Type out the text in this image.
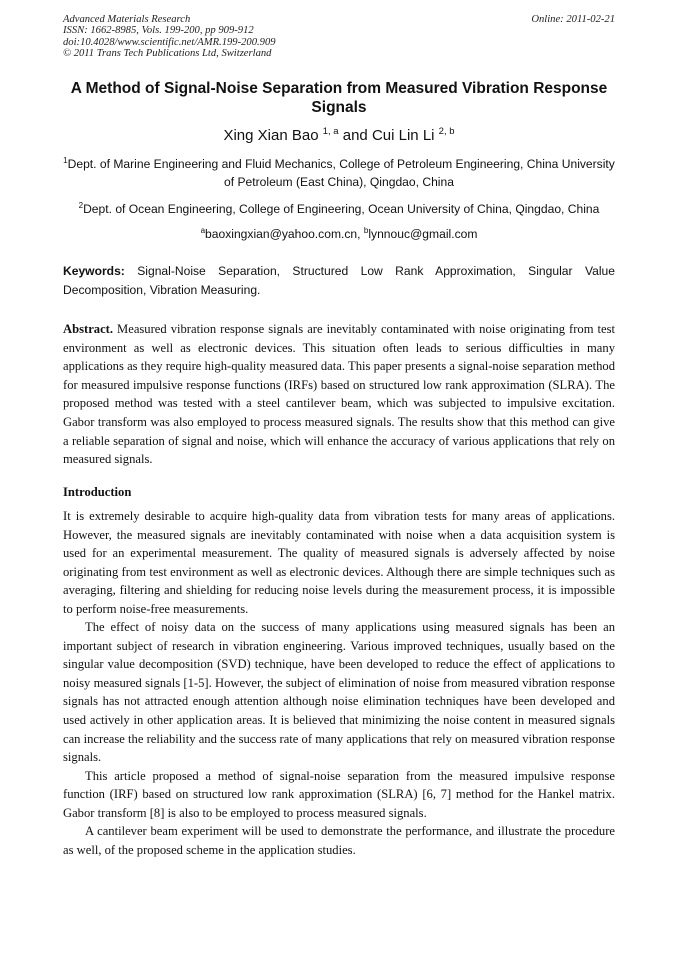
Advanced Materials Research	Online: 2011-02-21
ISSN: 1662-8985, Vols. 199-200, pp 909-912
doi:10.4028/www.scientific.net/AMR.199-200.909
© 2011 Trans Tech Publications Ltd, Switzerland
A Method of Signal-Noise Separation from Measured Vibration Response Signals
Xing Xian Bao $^{1, a}$ and Cui Lin Li $^{2, b}$
$^1$Dept. of Marine Engineering and Fluid Mechanics, College of Petroleum Engineering, China University of Petroleum (East China), Qingdao, China
$^2$Dept. of Ocean Engineering, College of Engineering, Ocean University of China, Qingdao, China
$^a$baoxingxian@yahoo.com.cn, $^b$lynnouc@gmail.com
Keywords: Signal-Noise Separation, Structured Low Rank Approximation, Singular Value Decomposition, Vibration Measuring.
Abstract. Measured vibration response signals are inevitably contaminated with noise originating from test environment as well as electronic devices. This situation often leads to serious difficulties in many applications as they require high-quality measured data. This paper presents a signal-noise separation method for measured impulsive response functions (IRFs) based on structured low rank approximation (SLRA). The proposed method was tested with a steel cantilever beam, which was subjected to impulsive excitation. Gabor transform was also employed to process measured signals. The results show that this method can give a reliable separation of signal and noise, which will enhance the accuracy of various applications that rely on measured signals.
Introduction

It is extremely desirable to acquire high-quality data from vibration tests for many areas of applications. However, the measured signals are inevitably contaminated with noise when a data acquisition system is used for an experimental measurement. The quality of measured signals is adversely affected by noise originating from test environment as well as electronic devices. Although there are simple techniques such as averaging, filtering and shielding for reducing noise levels during the measurement process, it is impossible to perform noise-free measurements.

The effect of noisy data on the success of many applications using measured signals has been an important subject of research in vibration engineering. Various improved techniques, usually based on the singular value decomposition (SVD) technique, have been developed to reduce the effect of applications to noisy measured signals [1-5]. However, the subject of elimination of noise from measured vibration response signals has not attracted enough attention although noise elimination techniques have been developed and used actively in other application areas. It is believed that minimizing the noise content in measured signals can increase the reliability and the success rate of many applications that rely on measured vibration response signals.

This article proposed a method of signal-noise separation from the measured impulsive response function (IRF) based on structured low rank approximation (SLRA) [6, 7] method for the Hankel matrix. Gabor transform [8] is also to be employed to process measured signals.

A cantilever beam experiment will be used to demonstrate the performance, and illustrate the procedure as well, of the proposed scheme in the application studies.
